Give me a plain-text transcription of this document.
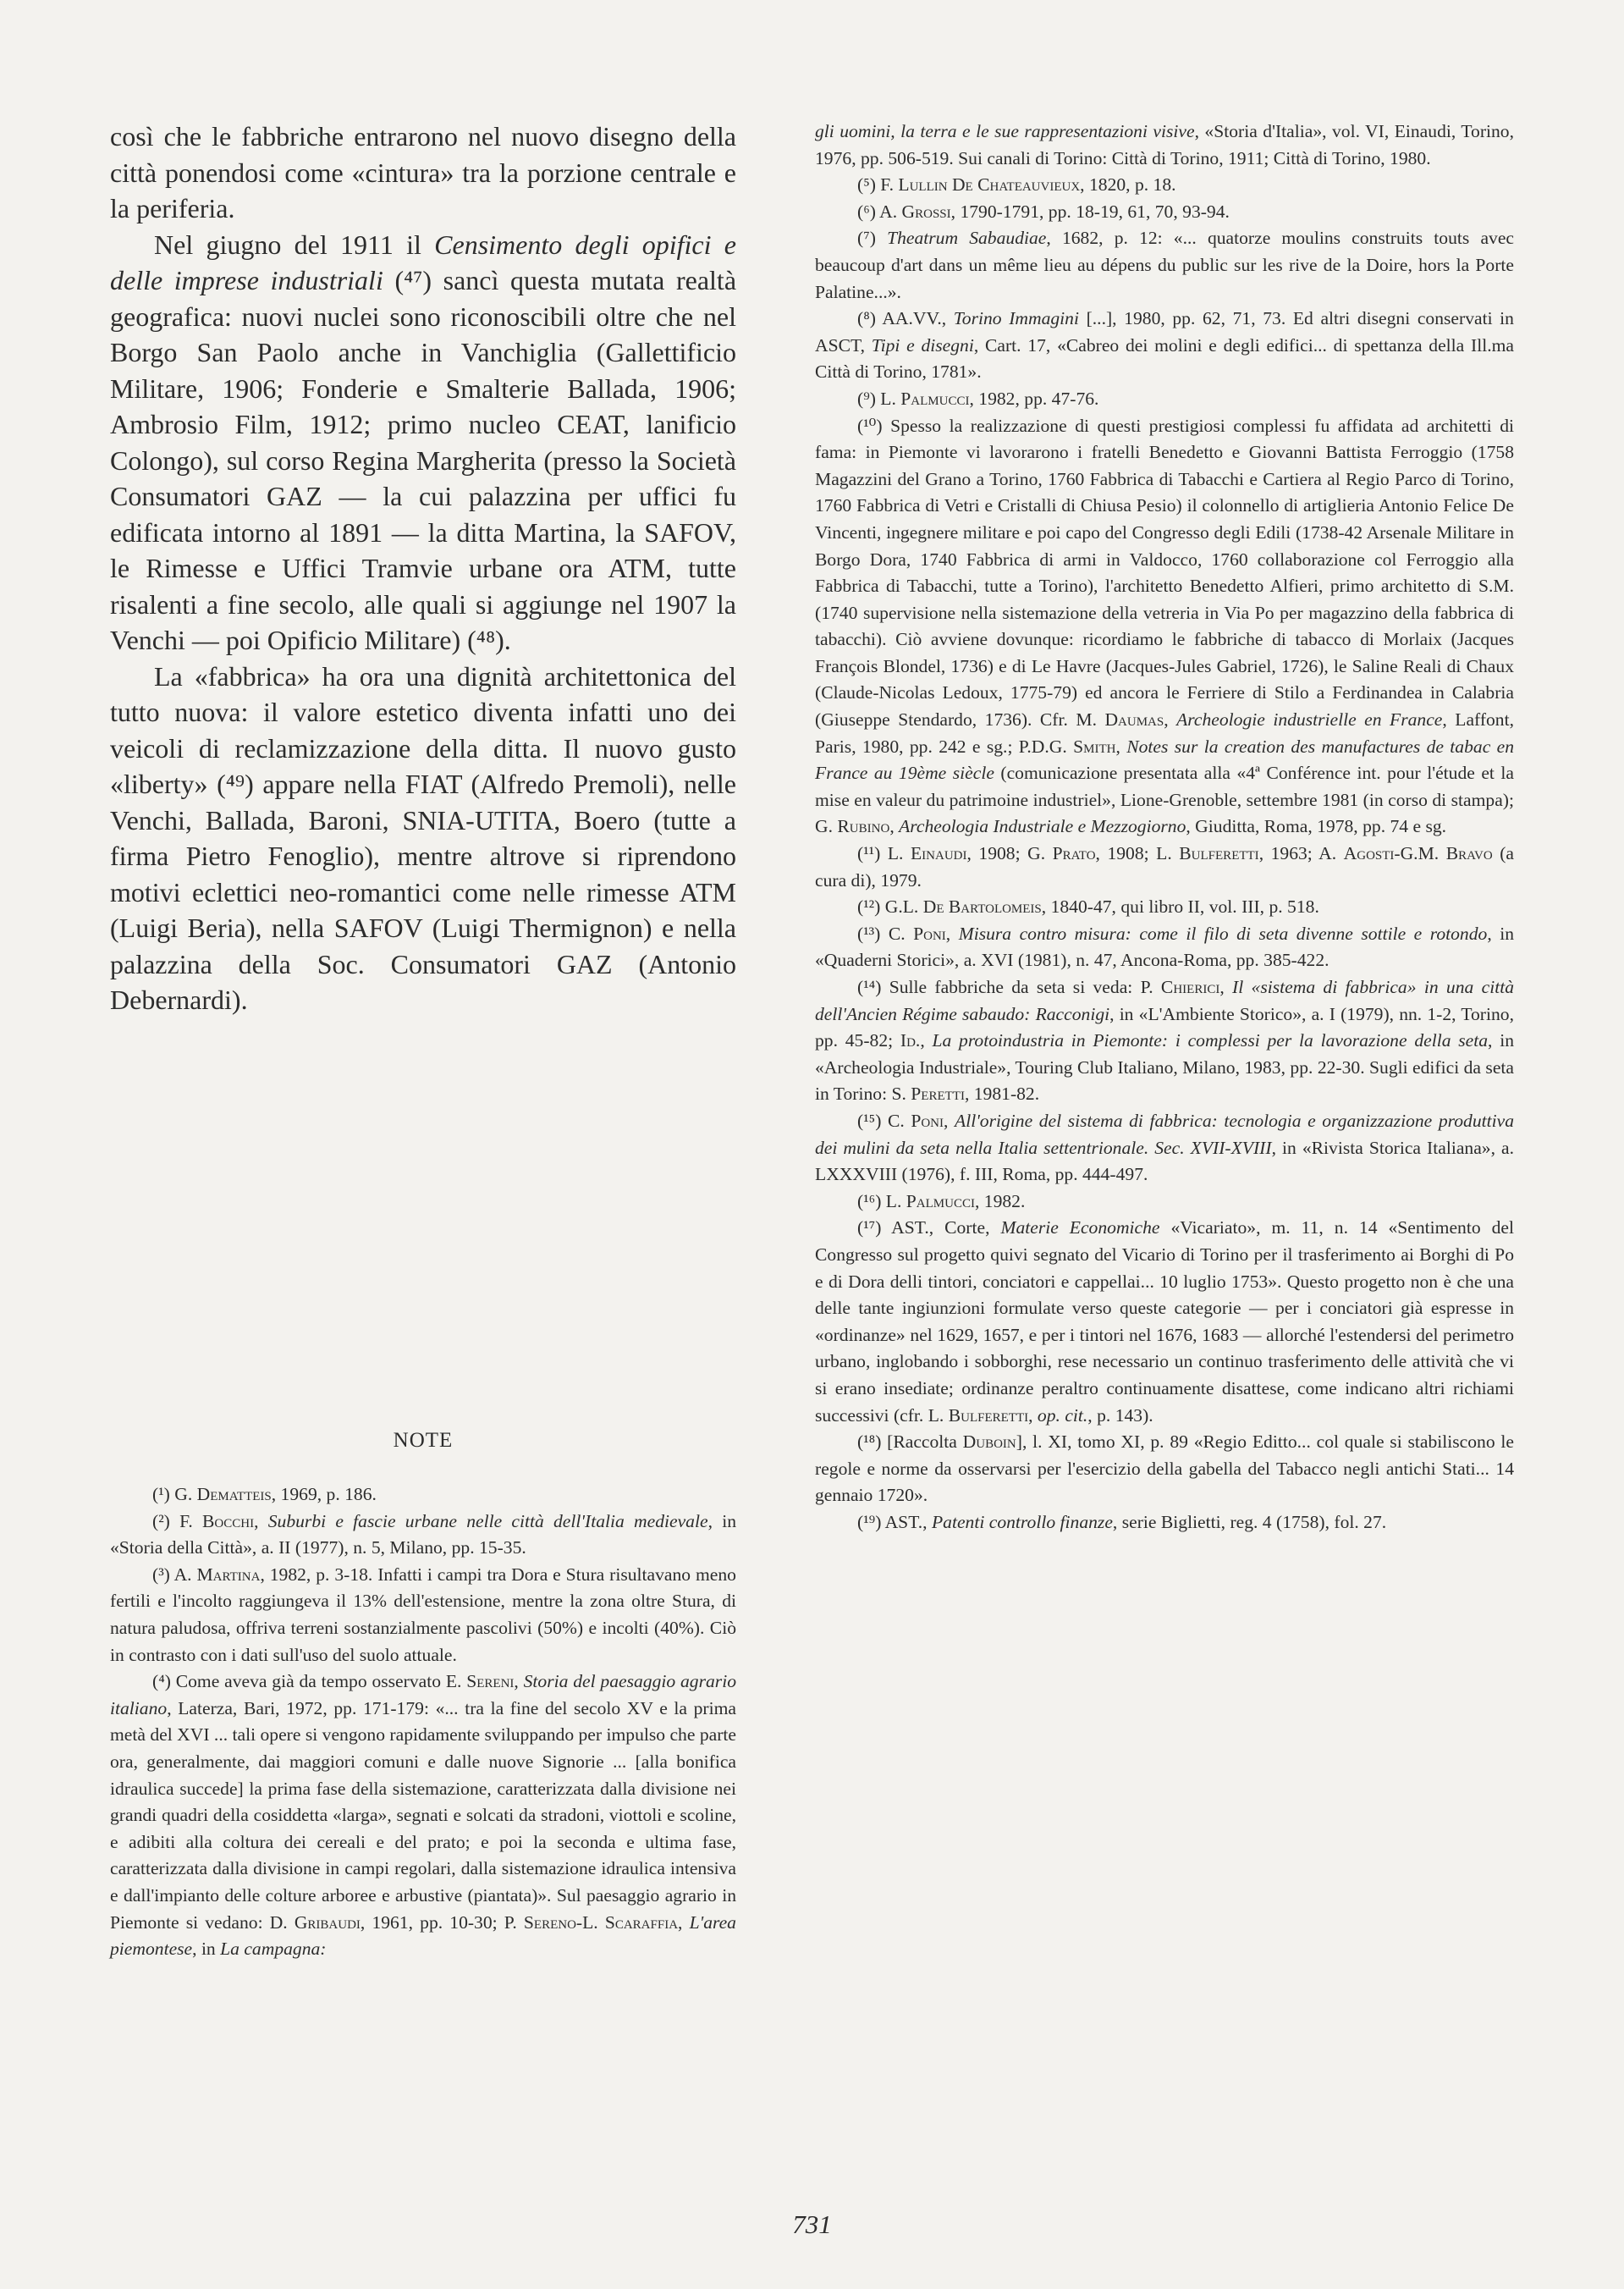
così che le fabbriche entrarono nel nuovo disegno della città ponendosi come «cintura» tra la porzione centrale e la periferia.

Nel giugno del 1911 il Censimento degli opifici e delle imprese industriali (⁴⁷) sancì questa mutata realtà geografica: nuovi nuclei sono riconoscibili oltre che nel Borgo San Paolo anche in Vanchiglia (Gallettificio Militare, 1906; Fonderie e Smalterie Ballada, 1906; Ambrosio Film, 1912; primo nucleo CEAT, lanificio Colongo), sul corso Regina Margherita (presso la Società Consumatori GAZ — la cui palazzina per uffici fu edificata intorno al 1891 — la ditta Martina, la SAFOV, le Rimesse e Uffici Tramvie urbane ora ATM, tutte risalenti a fine secolo, alle quali si aggiunge nel 1907 la Venchi — poi Opificio Militare) (⁴⁸).

La «fabbrica» ha ora una dignità architettonica del tutto nuova: il valore estetico diventa infatti uno dei veicoli di reclamizzazione della ditta. Il nuovo gusto «liberty» (⁴⁹) appare nella FIAT (Alfredo Premoli), nelle Venchi, Ballada, Baroni, SNIA-UTITA, Boero (tutte a firma Pietro Fenoglio), mentre altrove si riprendono motivi eclettici neo-romantici come nelle rimesse ATM (Luigi Beria), nella SAFOV (Luigi Thermignon) e nella palazzina della Soc. Consumatori GAZ (Antonio Debernardi).

NOTE

(¹) G. Dematteis, 1969, p. 186.

(²) F. Bocchi, Suburbi e fascie urbane nelle città dell'Italia medievale, in «Storia della Città», a. II (1977), n. 5, Milano, pp. 15-35.

(³) A. Martina, 1982, p. 3-18. Infatti i campi tra Dora e Stura risultavano meno fertili e l'incolto raggiungeva il 13% dell'estensione, mentre la zona oltre Stura, di natura paludosa, offriva terreni sostanzialmente pascolivi (50%) e incolti (40%). Ciò in contrasto con i dati sull'uso del suolo attuale.

(⁴) Come aveva già da tempo osservato E. Sereni, Storia del paesaggio agrario italiano, Laterza, Bari, 1972, pp. 171-179: «... tra la fine del secolo XV e la prima metà del XVI ... tali opere si vengono rapidamente sviluppando per impulso che parte ora, generalmente, dai maggiori comuni e dalle nuove Signorie ... [alla bonifica idraulica succede] la prima fase della sistemazione, caratterizzata dalla divisione nei grandi quadri della cosiddetta «larga», segnati e solcati da stradoni, viottoli e scoline, e adibiti alla coltura dei cereali e del prato; e poi la seconda e ultima fase, caratterizzata dalla divisione in campi regolari, dalla sistemazione idraulica intensiva e dall'impianto delle colture arboree e arbustive (piantata)». Sul paesaggio agrario in Piemonte si vedano: D. Gribaudi, 1961, pp. 10-30; P. Sereno-L. Scaraffia, L'area piemontese, in La campagna:

gli uomini, la terra e le sue rappresentazioni visive, «Storia d'Italia», vol. VI, Einaudi, Torino, 1976, pp. 506-519. Sui canali di Torino: Città di Torino, 1911; Città di Torino, 1980.

(⁵) F. Lullin De Chateauvieux, 1820, p. 18.

(⁶) A. Grossi, 1790-1791, pp. 18-19, 61, 70, 93-94.

(⁷) Theatrum Sabaudiae, 1682, p. 12: «... quatorze moulins construits touts avec beaucoup d'art dans un même lieu au dépens du public sur les rive de la Doire, hors la Porte Palatine...».

(⁸) AA.VV., Torino Immagini [...], 1980, pp. 62, 71, 73. Ed altri disegni conservati in ASCT, Tipi e disegni, Cart. 17, «Cabreo dei molini e degli edifici... di spettanza della Ill.ma Città di Torino, 1781».

(⁹) L. Palmucci, 1982, pp. 47-76.

(¹⁰) Spesso la realizzazione di questi prestigiosi complessi fu affidata ad architetti di fama: in Piemonte vi lavorarono i fratelli Benedetto e Giovanni Battista Ferroggio (1758 Magazzini del Grano a Torino, 1760 Fabbrica di Tabacchi e Cartiera al Regio Parco di Torino, 1760 Fabbrica di Vetri e Cristalli di Chiusa Pesio) il colonnello di artiglieria Antonio Felice De Vincenti, ingegnere militare e poi capo del Congresso degli Edili (1738-42 Arsenale Militare in Borgo Dora, 1740 Fabbrica di armi in Valdocco, 1760 collaborazione col Ferroggio alla Fabbrica di Tabacchi, tutte a Torino), l'architetto Benedetto Alfieri, primo architetto di S.M. (1740 supervisione nella sistemazione della vetreria in Via Po per magazzino della fabbrica di tabacchi). Ciò avviene dovunque: ricordiamo le fabbriche di tabacco di Morlaix (Jacques François Blondel, 1736) e di Le Havre (Jacques-Jules Gabriel, 1726), le Saline Reali di Chaux (Claude-Nicolas Ledoux, 1775-79) ed ancora le Ferriere di Stilo a Ferdinandea in Calabria (Giuseppe Stendardo, 1736). Cfr. M. Daumas, Archeologie industrielle en France, Laffont, Paris, 1980, pp. 242 e sg.; P.D.G. Smith, Notes sur la creation des manufactures de tabac en France au 19ème siècle (comunicazione presentata alla «4ª Conférence int. pour l'étude et la mise en valeur du patrimoine industriel», Lione-Grenoble, settembre 1981 (in corso di stampa); G. Rubino, Archeologia Industriale e Mezzogiorno, Giuditta, Roma, 1978, pp. 74 e sg.

(¹¹) L. Einaudi, 1908; G. Prato, 1908; L. Bulferetti, 1963; A. Agosti-G.M. Bravo (a cura di), 1979.

(¹²) G.L. De Bartolomeis, 1840-47, qui libro II, vol. III, p. 518.

(¹³) C. Poni, Misura contro misura: come il filo di seta divenne sottile e rotondo, in «Quaderni Storici», a. XVI (1981), n. 47, Ancona-Roma, pp. 385-422.

(¹⁴) Sulle fabbriche da seta si veda: P. Chierici, Il «sistema di fabbrica» in una città dell'Ancien Régime sabaudo: Racconigi, in «L'Ambiente Storico», a. I (1979), nn. 1-2, Torino, pp. 45-82; Id., La protoindustria in Piemonte: i complessi per la lavorazione della seta, in «Archeologia Industriale», Touring Club Italiano, Milano, 1983, pp. 22-30. Sugli edifici da seta in Torino: S. Peretti, 1981-82.

(¹⁵) C. Poni, All'origine del sistema di fabbrica: tecnologia e organizzazione produttiva dei mulini da seta nella Italia settentrionale. Sec. XVII-XVIII, in «Rivista Storica Italiana», a. LXXXVIII (1976), f. III, Roma, pp. 444-497.

(¹⁶) L. Palmucci, 1982.

(¹⁷) AST., Corte, Materie Economiche «Vicariato», m. 11, n. 14 «Sentimento del Congresso sul progetto quivi segnato del Vicario di Torino per il trasferimento ai Borghi di Po e di Dora delli tintori, conciatori e cappellai... 10 luglio 1753». Questo progetto non è che una delle tante ingiunzioni formulate verso queste categorie — per i conciatori già espresse in «ordinanze» nel 1629, 1657, e per i tintori nel 1676, 1683 — allorché l'estendersi del perimetro urbano, inglobando i sobborghi, rese necessario un continuo trasferimento delle attività che vi si erano insediate; ordinanze peraltro continuamente disattese, come indicano altri richiami successivi (cfr. L. Bulferetti, op. cit., p. 143).

(¹⁸) [Raccolta Duboin], l. XI, tomo XI, p. 89 «Regio Editto... col quale si stabiliscono le regole e norme da osservarsi per l'esercizio della gabella del Tabacco negli antichi Stati... 14 gennaio 1720».

(¹⁹) AST., Patenti controllo finanze, serie Biglietti, reg. 4 (1758), fol. 27.

731
